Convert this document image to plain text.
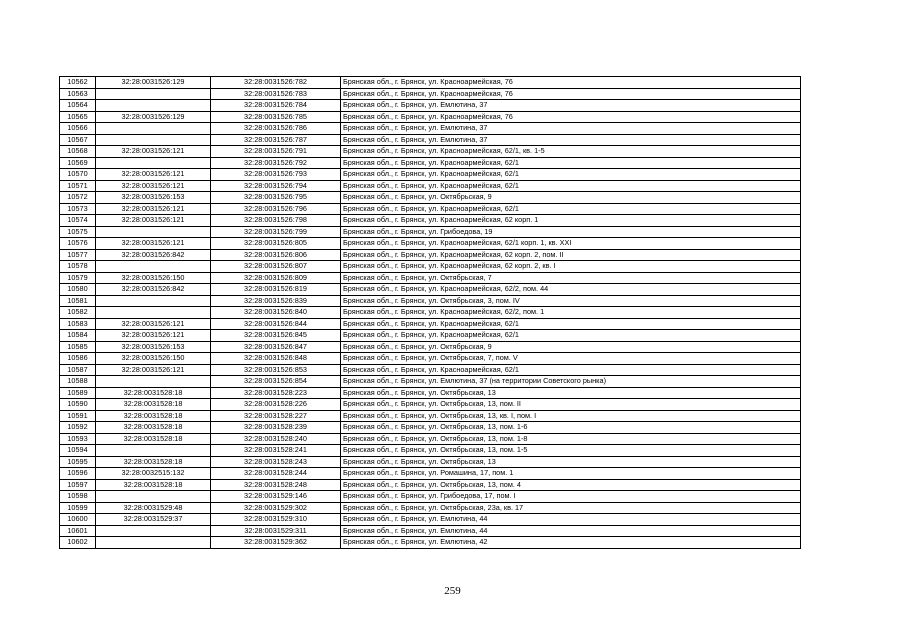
10562	32:28:0031526:129	32:28:0031526:782	Брянская обл., г. Брянск, ул. Красноармейская, 76
10563		32:28:0031526:783	Брянская обл., г. Брянск, ул. Красноармейская, 76
10564		32:28:0031526:784	Брянская обл., г. Брянск, ул. Емлютина, 37
10565	32:28:0031526:129	32:28:0031526:785	Брянская обл., г. Брянск, ул. Красноармейская, 76
10566		32:28:0031526:786	Брянская обл., г. Брянск, ул. Емлютина, 37
10567		32:28:0031526:787	Брянская обл., г. Брянск, ул. Емлютина, 37
10568	32:28:0031526:121	32:28:0031526:791	Брянская обл., г. Брянск, ул. Красноармейская, 62/1, кв. 1-5
10569		32:28:0031526:792	Брянская обл., г. Брянск, ул. Красноармейская, 62/1
10570	32:28:0031526:121	32:28:0031526:793	Брянская обл., г. Брянск, ул. Красноармейская, 62/1
10571	32:28:0031526:121	32:28:0031526:794	Брянская обл., г. Брянск, ул. Красноармейская, 62/1
10572	32:28:0031526:153	32:28:0031526:795	Брянская обл., г. Брянск, ул. Октябрьская, 9
10573	32:28:0031526:121	32:28:0031526:796	Брянская обл., г. Брянск, ул. Красноармейская, 62/1
10574	32:28:0031526:121	32:28:0031526:798	Брянская обл., г. Брянск, ул. Красноармейская, 62 корп. 1
10575		32:28:0031526:799	Брянская обл., г. Брянск, ул. Грибоедова, 19
10576	32:28:0031526:121	32:28:0031526:805	Брянская обл., г. Брянск, ул. Красноармейская, 62/1 корп. 1, кв. XXI
10577	32:28:0031526:842	32:28:0031526:806	Брянская обл., г. Брянск, ул. Красноармейская, 62 корп. 2, пом. II
10578		32:28:0031526:807	Брянская обл., г. Брянск, ул. Красноармейская, 62 корп. 2, кв. I
10579	32:28:0031526:150	32:28:0031526:809	Брянская обл., г. Брянск, ул. Октябрьская, 7
10580	32:28:0031526:842	32:28:0031526:819	Брянская обл., г. Брянск, ул. Красноармейская, 62/2, пом. 44
10581		32:28:0031526:839	Брянская обл., г. Брянск, ул. Октябрьская, 3, пом. IV
10582		32:28:0031526:840	Брянская обл., г. Брянск, ул. Красноармейская, 62/2, пом. 1
10583	32:28:0031526:121	32:28:0031526:844	Брянская обл., г. Брянск, ул. Красноармейская, 62/1
10584	32:28:0031526:121	32:28:0031526:845	Брянская обл., г. Брянск, ул. Красноармейская, 62/1
10585	32:28:0031526:153	32:28:0031526:847	Брянская обл., г. Брянск, ул. Октябрьская, 9
10586	32:28:0031526:150	32:28:0031526:848	Брянская обл., г. Брянск, ул. Октябрьская, 7, пом. V
10587	32:28:0031526:121	32:28:0031526:853	Брянская обл., г. Брянск, ул. Красноармейская, 62/1
10588		32:28:0031526:854	Брянская обл., г. Брянск, ул. Емлютина, 37 (на территории Советского рынка)
10589	32:28:0031528:18	32:28:0031528:223	Брянская обл., г. Брянск, ул. Октябрьская, 13
10590	32:28:0031528:18	32:28:0031528:226	Брянская обл., г. Брянск, ул. Октябрьская, 13, пом. II
10591	32:28:0031528:18	32:28:0031528:227	Брянская обл., г. Брянск, ул. Октябрьская, 13, кв. I, пом. I
10592	32:28:0031528:18	32:28:0031528:239	Брянская обл., г. Брянск, ул. Октябрьская, 13, пом. 1-6
10593	32:28:0031528:18	32:28:0031528:240	Брянская обл., г. Брянск, ул. Октябрьская, 13, пом. 1-8
10594		32:28:0031528:241	Брянская обл., г. Брянск, ул. Октябрьская, 13, пом. 1-5
10595	32:28:0031528:18	32:28:0031528:243	Брянская обл., г. Брянск, ул. Октябрьская, 13
10596	32:28:0032515:132	32:28:0031528:244	Брянская обл., г. Брянск, ул. Ромашина, 17, пом. 1
10597	32:28:0031528:18	32:28:0031528:248	Брянская обл., г. Брянск, ул. Октябрьская, 13, пом. 4
10598		32:28:0031529:146	Брянская обл., г. Брянск, ул. Грибоедова, 17, пом. I
10599	32:28:0031529:48	32:28:0031529:302	Брянская обл., г. Брянск, ул. Октябрьская, 23а, кв. 17
10600	32:28:0031529:37	32:28:0031529:310	Брянская обл., г. Брянск, ул. Емлютина, 44
10601		32:28:0031529:311	Брянская обл., г. Брянск, ул. Емлютина, 44
10602		32:28:0031529:362	Брянская обл., г. Брянск, ул. Емлютина, 42
259
